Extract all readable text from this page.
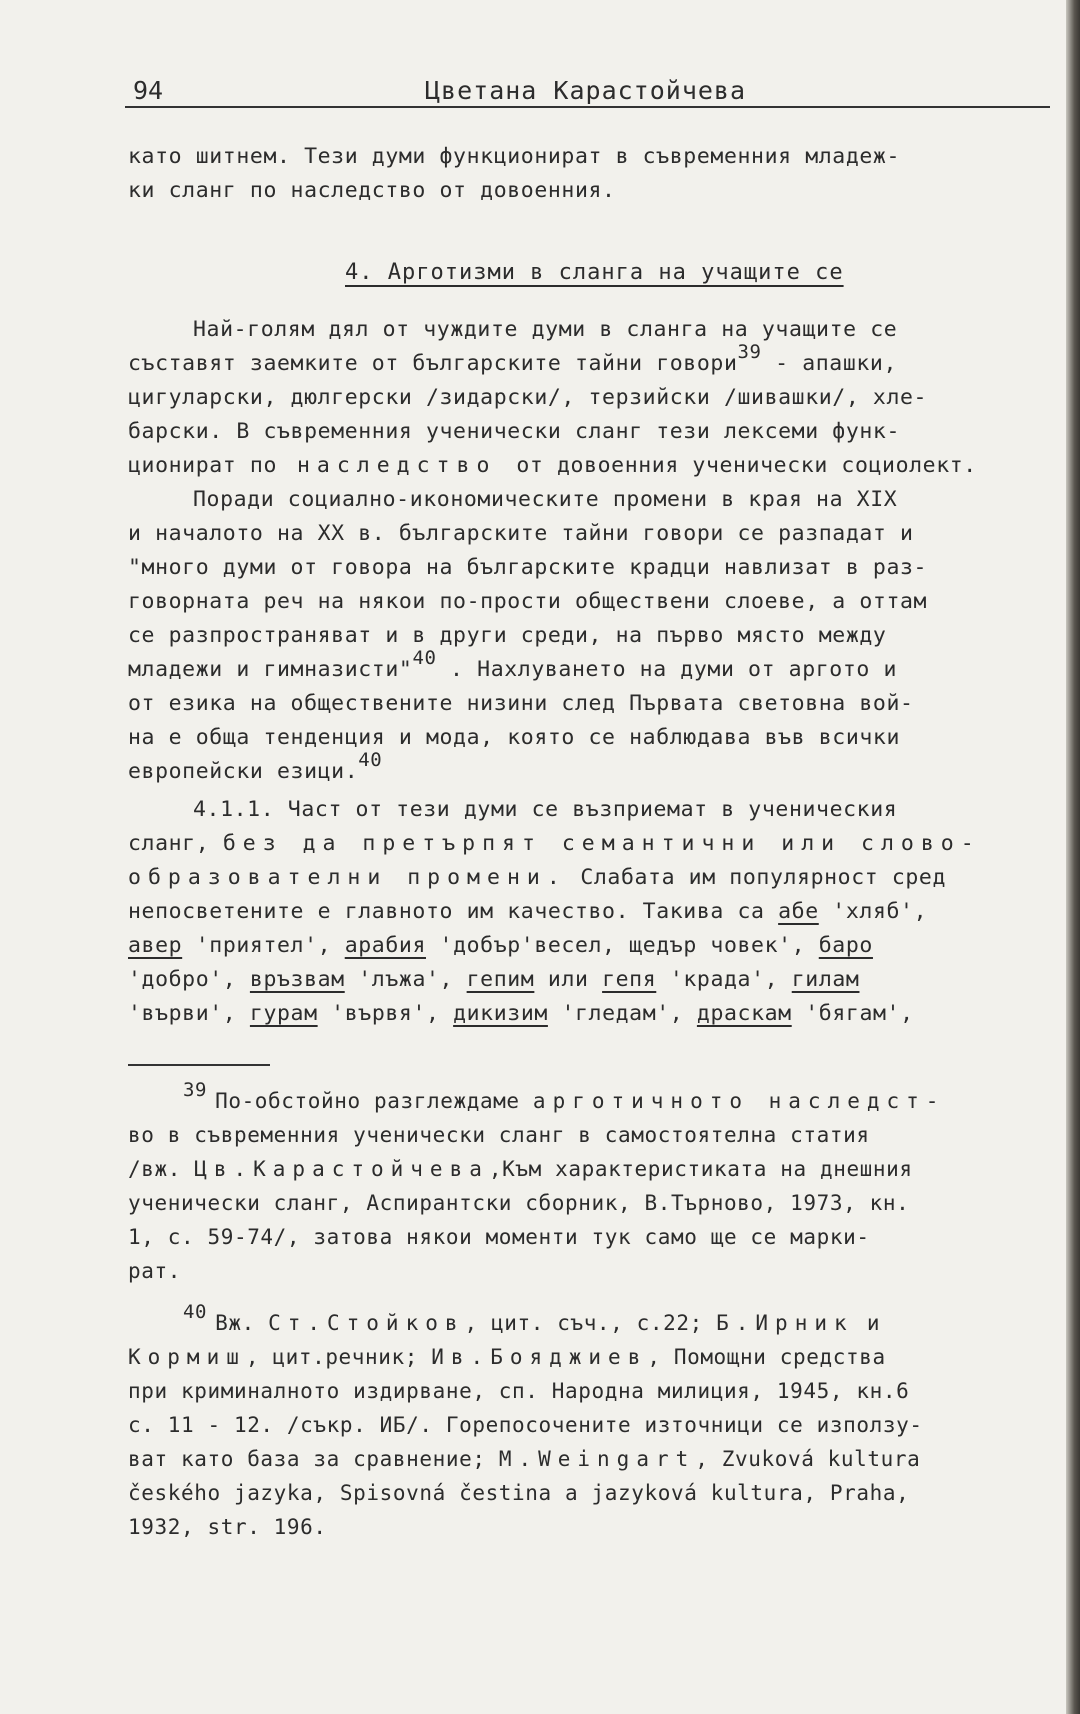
94	Цветана Карастойчева
като шитнем. Тези думи функционират в съвременния младеж-
ки сланг по наследство от довоенния.
4. Арготизми в сланга на учащите се
Най-голям дял от чуждите думи в сланга на учащите се
съставят заемките от българските тайни говори39 - апашки,
цигуларски, дюлгерски /зидарски/, терзийски /шивашки/, хле-
барски. В съвременния ученически сланг тези лексеми функ-
ционират по наследство от довоенния ученически социолект.
Поради социално-икономическите промени в края на XIX
и началото на XX в. българските тайни говори се разпадат и
"много думи от говора на българските крадци навлизат в раз-
говорната реч на някои по-прости обществени слоеве, а оттам
се разпространяват и в други среди, на първо място между
младежи и гимназисти"40 . Нахлуването на думи от аргото и
от езика на обществените низини след Първата световна вой-
на е обща тенденция и мода, която се наблюдава във всички
европейски езици.40
4.1.1. Част от тези думи се възприемат в ученическия
сланг, без да претърпят семантични или слово-
образователни промени. Слабата им популярност сред
непосветените е главното им качество. Такива са абе 'хляб',
авер 'приятел', арабия 'добър'весел, щедър човек', баро
'добро', връзвам 'лъжа', гепим или гепя 'крада', гилам
'върви', гурам 'въpвя', дикизим 'гледам', драскам 'бягам',
39 По-обстойно разглеждаме арготичното наследст-
во в съвременния ученически сланг в самостоятелна статия
/вж. Цв.Карастойчева,Към характеристиката на днешния
ученически сланг, Аспирантски сборник, В.Търново, 1973, кн.
1, с. 59-74/, затова някои моменти тук само ще се марки-
рат.
40 Вж. Ст.Стойков, цит. съч., с.22; Б.Ирник и
Кормиш, цит.речник; Ив.Бояджиев, Помощни средства
при криминалното издирване, сп. Народна милиция, 1945, кн.6
с. 11 - 12. /съкр. ИБ/. Горепосочените източници се използу-
ват като база за сравнение; M.Weingart, Zvuková kultura
českého jazyka, Spisovná čestina a jazyková kultura, Praha,
1932, str. 196.
